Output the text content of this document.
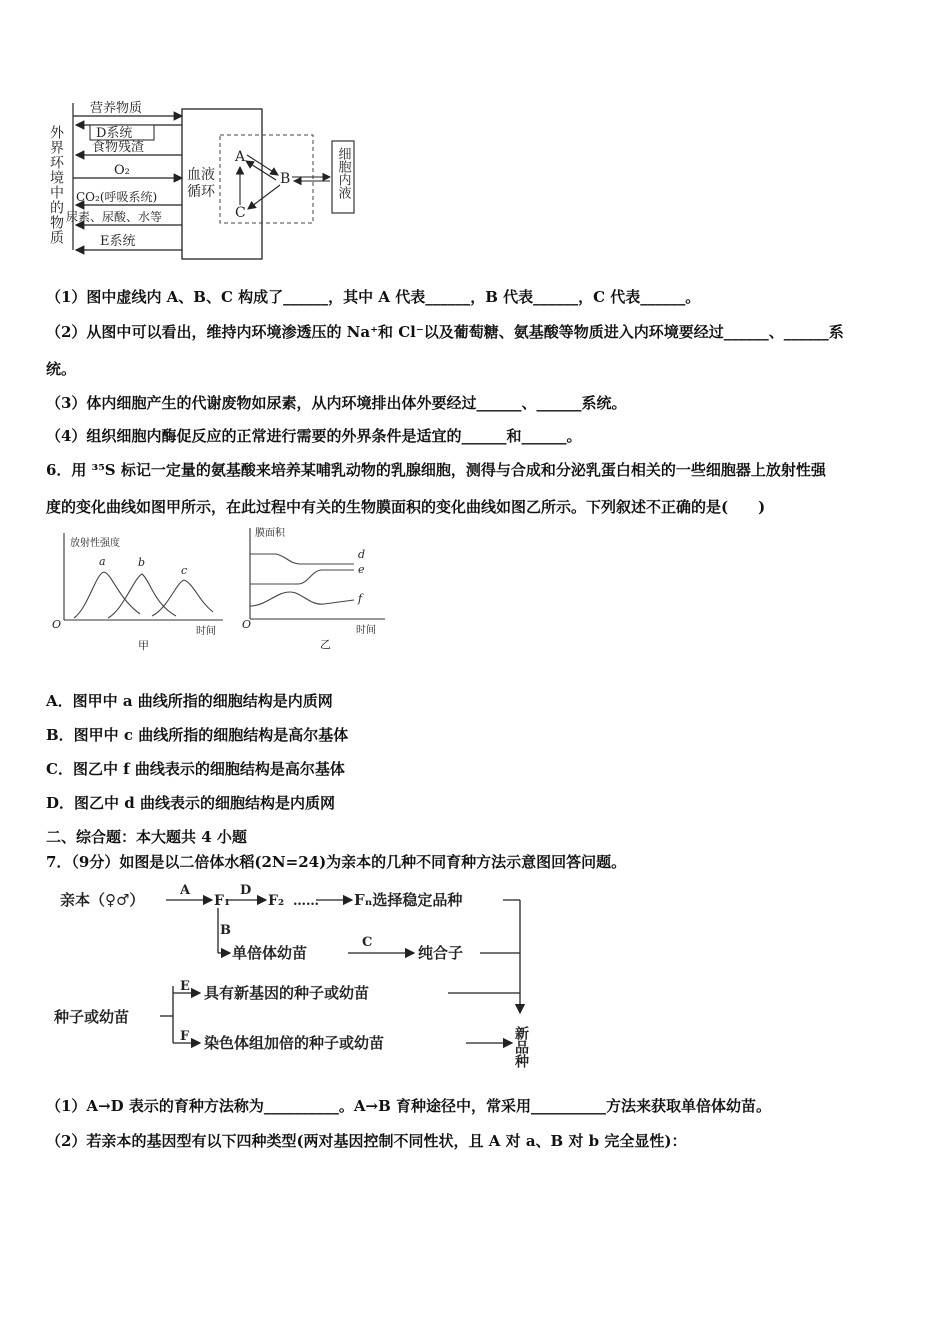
外界环境中的物质
营养物质
D系统
食物残渣
O₂
CO₂(呼吸系统)
尿素、尿酸、水等
E系统
血液循环
A
B
C
细胞内液
（1）图中虚线内 A、B、C 构成了______，其中 A 代表______，B 代表______，C 代表______。
（2）从图中可以看出，维持内环境渗透压的 Na⁺和 Cl⁻以及葡萄糖、氨基酸等物质进入内环境要经过______、______系
统。
（3）体内细胞产生的代谢废物如尿素，从内环境排出体外要经过______、______系统。
（4）组织细胞内酶促反应的正常进行需要的外界条件是适宜的______和______。
6．用 ³⁵S 标记一定量的氨基酸来培养某哺乳动物的乳腺细胞，测得与合成和分泌乳蛋白相关的一些细胞器上放射性强
度的变化曲线如图甲所示，在此过程中有关的生物膜面积的变化曲线如图乙所示。下列叙述不正确的是(　　)
放射性强度
O
时间
甲
a	b
c
膜面积
O	时间
乙
d
e
f
A．图甲中 a 曲线所指的细胞结构是内质网
B．图甲中 c 曲线所指的细胞结构是高尔基体
C．图乙中 f 曲线表示的细胞结构是高尔基体
D．图乙中 d 曲线表示的细胞结构是内质网
二、综合题：本大题共 4 小题
7．（9分）如图是以二倍体水稻(2N=24)为亲本的几种不同育种方法示意图回答问题。
亲本（♀♂）
A
F₁
D
F₂ …… Fₙ选择稳定品种
B
单倍体幼苗
C
纯合子
种子或幼苗
E 具有新基因的种子或幼苗
F 染色体组加倍的种子或幼苗	新品种
（1）A→D 表示的育种方法称为__________。A→B 育种途径中，常采用__________方法来获取单倍体幼苗。
（2）若亲本的基因型有以下四种类型(两对基因控制不同性状，且 A 对 a、B 对 b 完全显性)：
